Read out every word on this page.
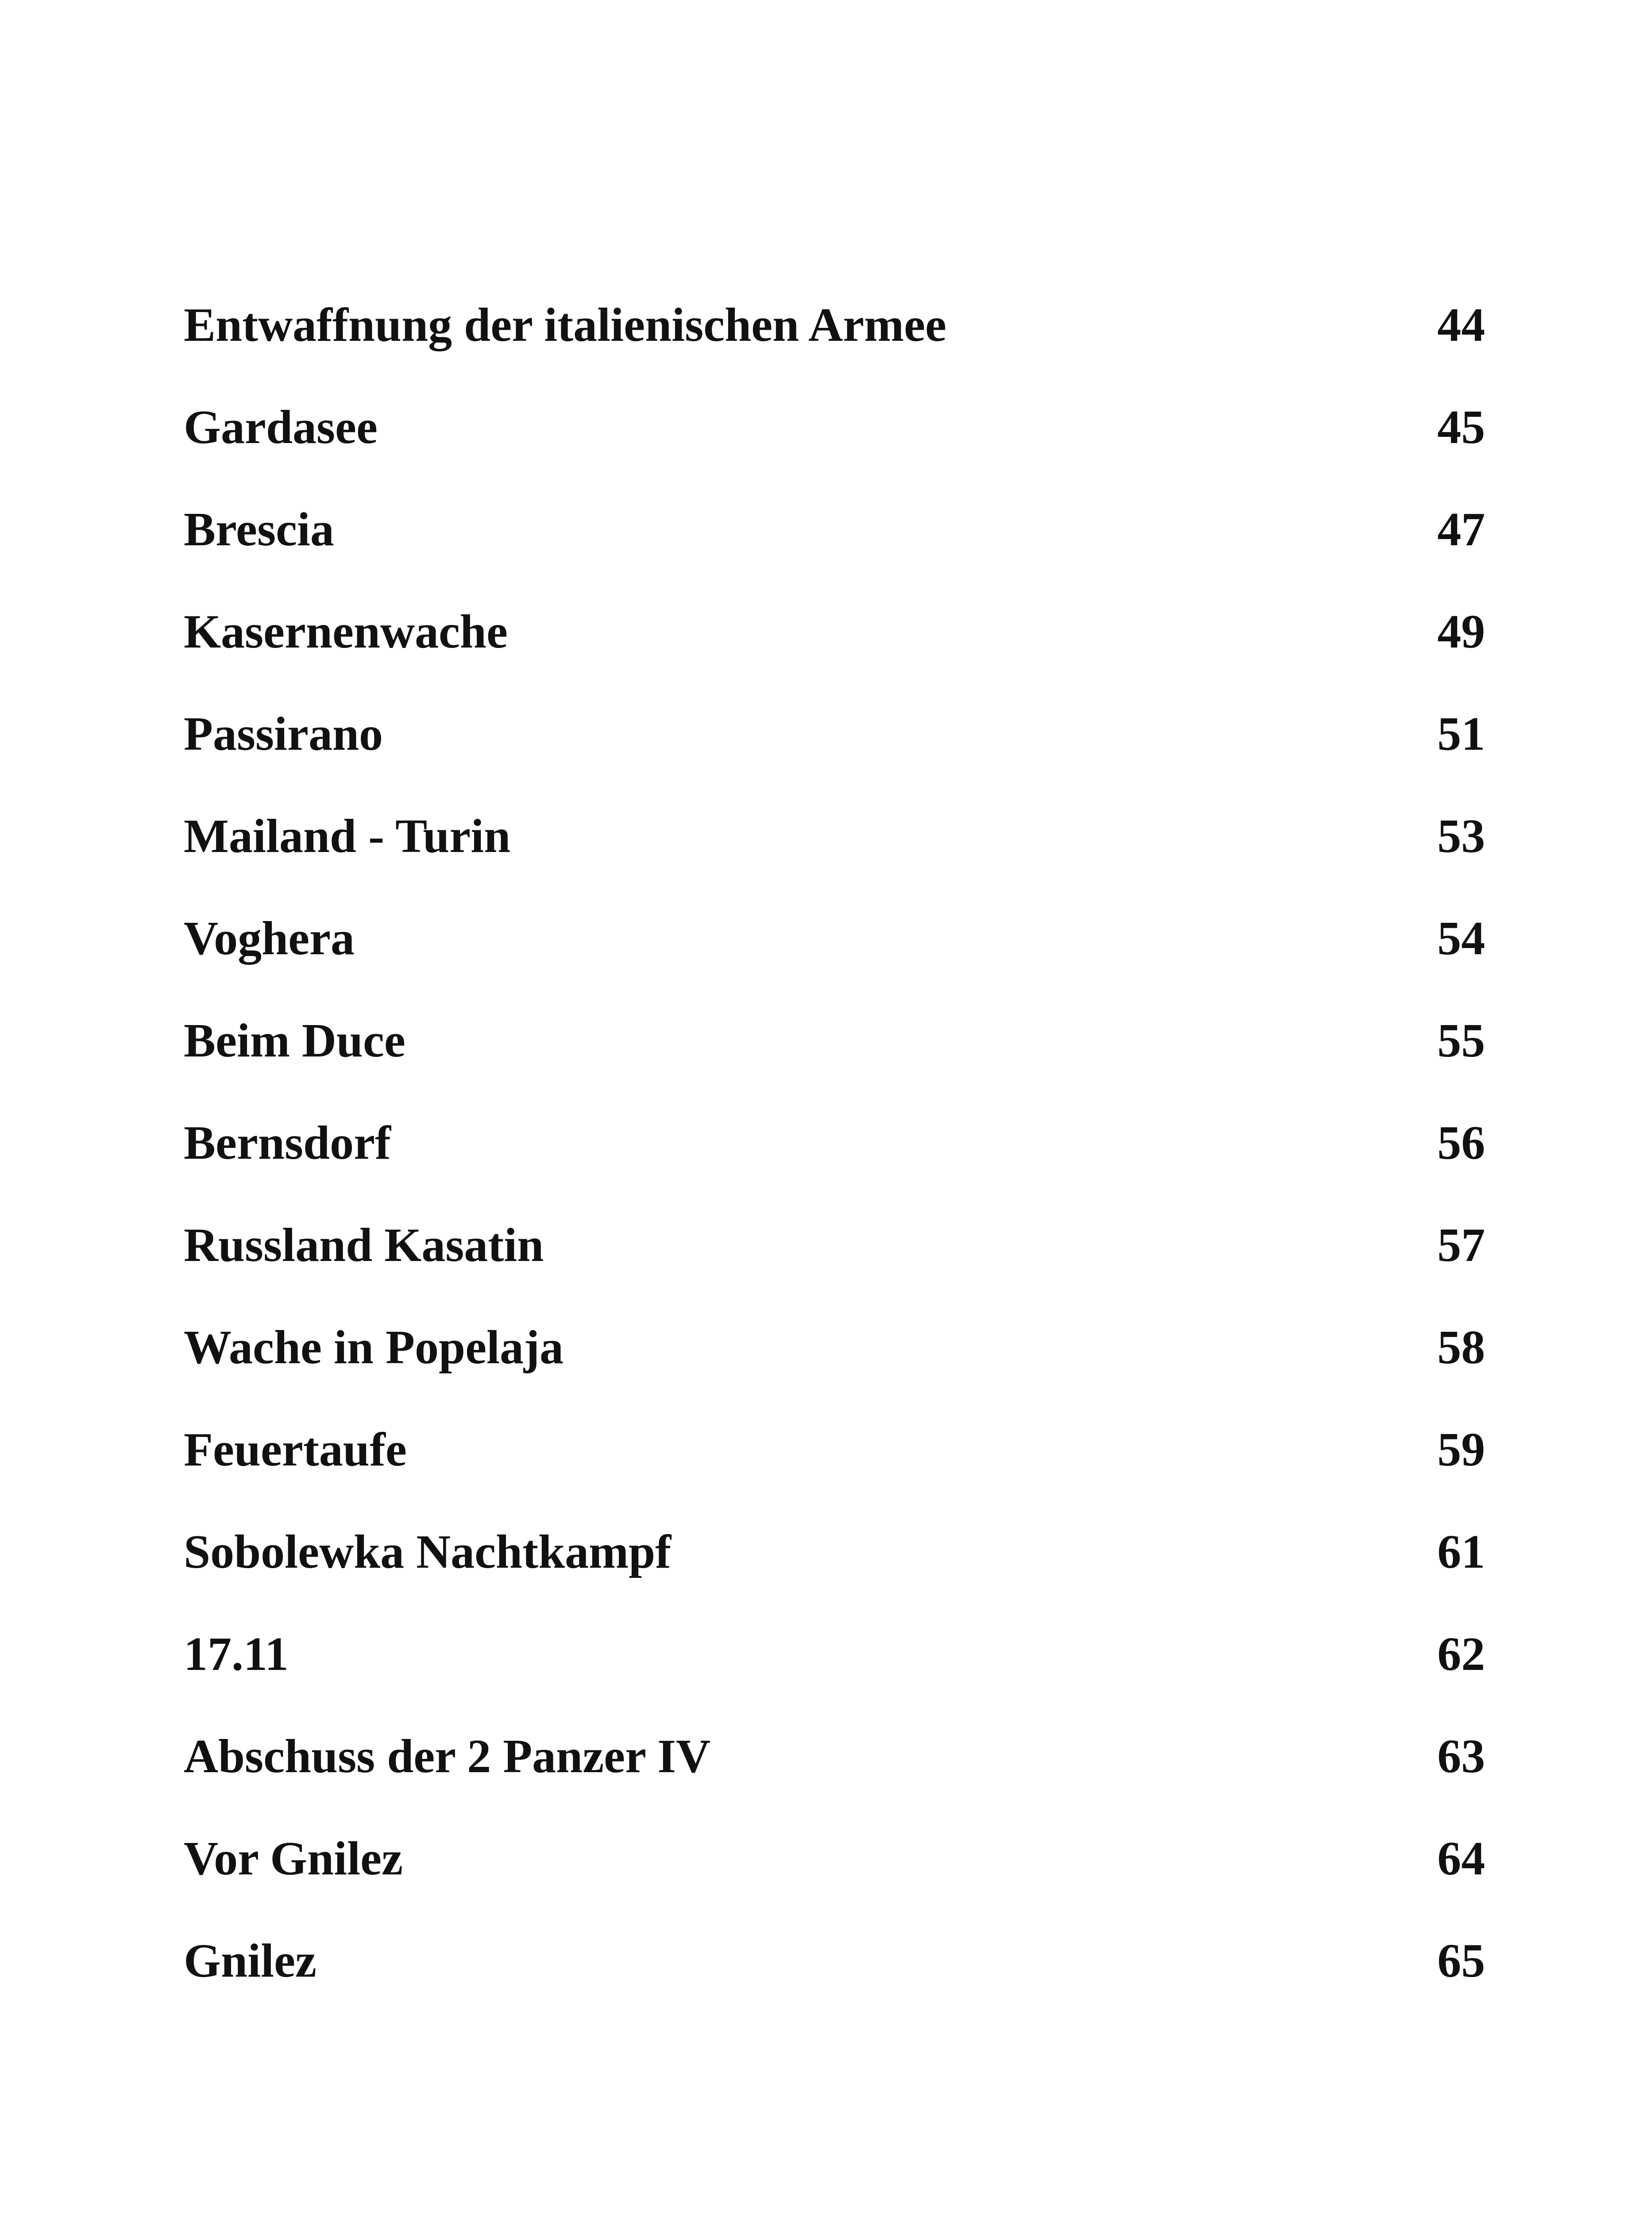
Entwaffnung der italienischen Armee	44
Gardasee	45
Brescia	47
Kasernenwache	49
Passirano	51
Mailand - Turin	53
Voghera	54
Beim Duce	55
Bernsdorf	56
Russland Kasatin	57
Wache in Popelaja	58
Feuertaufe	59
Sobolewka Nachtkampf	61
17.11	62
Abschuss der 2 Panzer IV	63
Vor Gnilez	64
Gnilez	65
